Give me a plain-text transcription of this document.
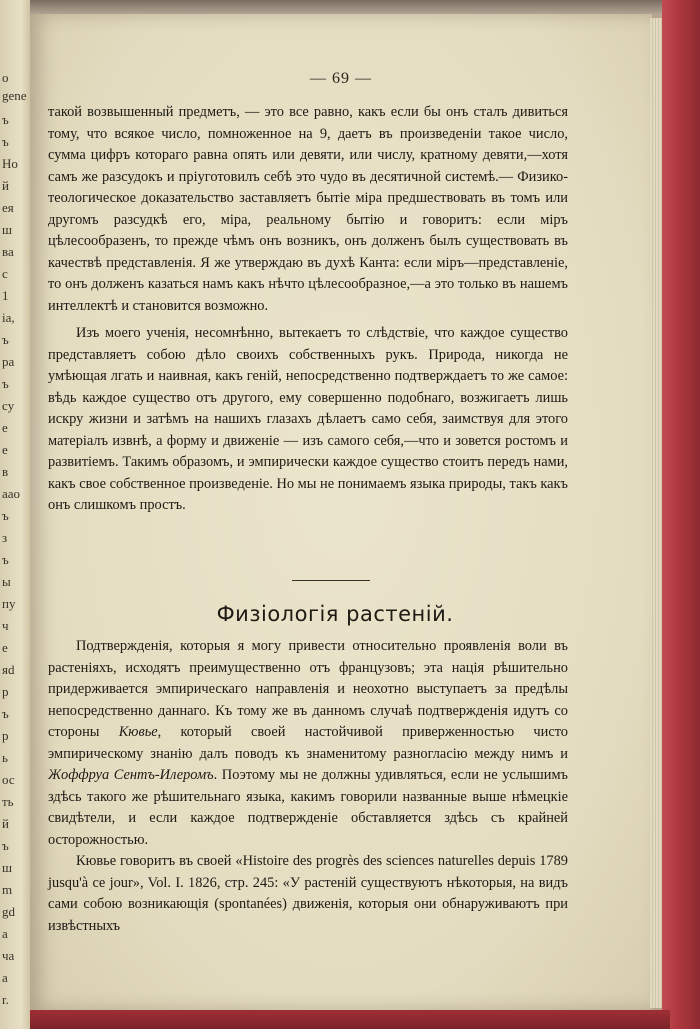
o
gene
ъ
ъ
Ho
й
ея
ш
ва
с
1
iа,
ъ
pa
ъ
cy
e
e
в
aaо
ъ
з
ъ
ы
пу
ч
e
яd
р
ъ
р
ь
ос
ть
й
ъ
ш
m
gd
a
ча
a
r.
— 69 —

такой возвышенный предметъ, — это все равно, какъ если бы онъ сталъ дивиться тому, что всякое число, помноженное на 9, даетъ въ произведеніи такое число, сумма цифръ котораго равна опять или девяти, или числу, кратному девяти,—хотя самъ же разсудокъ и пріуготовилъ себѣ это чудо въ десятичной системѣ.— Физико-теологическое доказательство заставляетъ бытіе міра предшествовать въ томъ или другомъ разсудкѣ его, міра, реальному бытію и говоритъ: если міръ цѣлесообразенъ, то прежде чѣмъ онъ возникъ, онъ долженъ былъ существовать въ качествѣ представленія. Я же утверждаю въ духѣ Канта: если міръ—представленіе, то онъ долженъ казаться намъ какъ нѣчто цѣлесообразное,—а это только въ нашемъ интеллектѣ и становится возможно.

Изъ моего ученія, несомнѣнно, вытекаетъ то слѣдствіе, что каждое существо представляетъ собою дѣло своихъ собственныхъ рукъ. Природа, никогда не умѣющая лгать и наивная, какъ геній, непосредственно подтверждаетъ то же самое: вѣдь каждое существо отъ другого, ему совершенно подобнаго, возжигаетъ лишь искру жизни и затѣмъ на нашихъ глазахъ дѣлаетъ само себя, заимствуя для этого матеріалъ извнѣ, а форму и движеніе — изъ самого себя,—что и зовется ростомъ и развитіемъ. Такимъ образомъ, и эмпирически каждое существо стоитъ передъ нами, какъ свое собственное произведеніе. Но мы не понимаемъ языка природы, такъ какъ онъ слишкомъ простъ.

Физіологія растеній.

Подтвержденія, которыя я могу привести относительно проявленія воли въ растеніяхъ, исходятъ преимущественно отъ французовъ; эта нація рѣшительно придерживается эмпирическаго направленія и неохотно выступаетъ за предѣлы непосредственно даннаго. Къ тому же въ данномъ случаѣ подтвержденія идутъ со стороны Кювье, который своей настойчивой приверженностью чисто эмпирическому знанію далъ поводъ къ знаменитому разногласію между нимъ и Жоффруа Сентъ-Илеромъ. Поэтому мы не должны удивляться, если не услышимъ здѣсь такого же рѣшительнаго языка, какимъ говорили названные выше нѣмецкіе свидѣтели, и если каждое подтвержденіе обставляется здѣсь съ крайней осторожностью.

Кювье говоритъ въ своей «Histoire des progrès des sciences naturelles depuis 1789 jusqu'à ce jour», Vol. I. 1826, стр. 245: «У растеній существуютъ нѣкоторыя, на видъ сами собою возникающія (spontanées) движенія, которыя они обнаруживаютъ при извѣстныхъ
